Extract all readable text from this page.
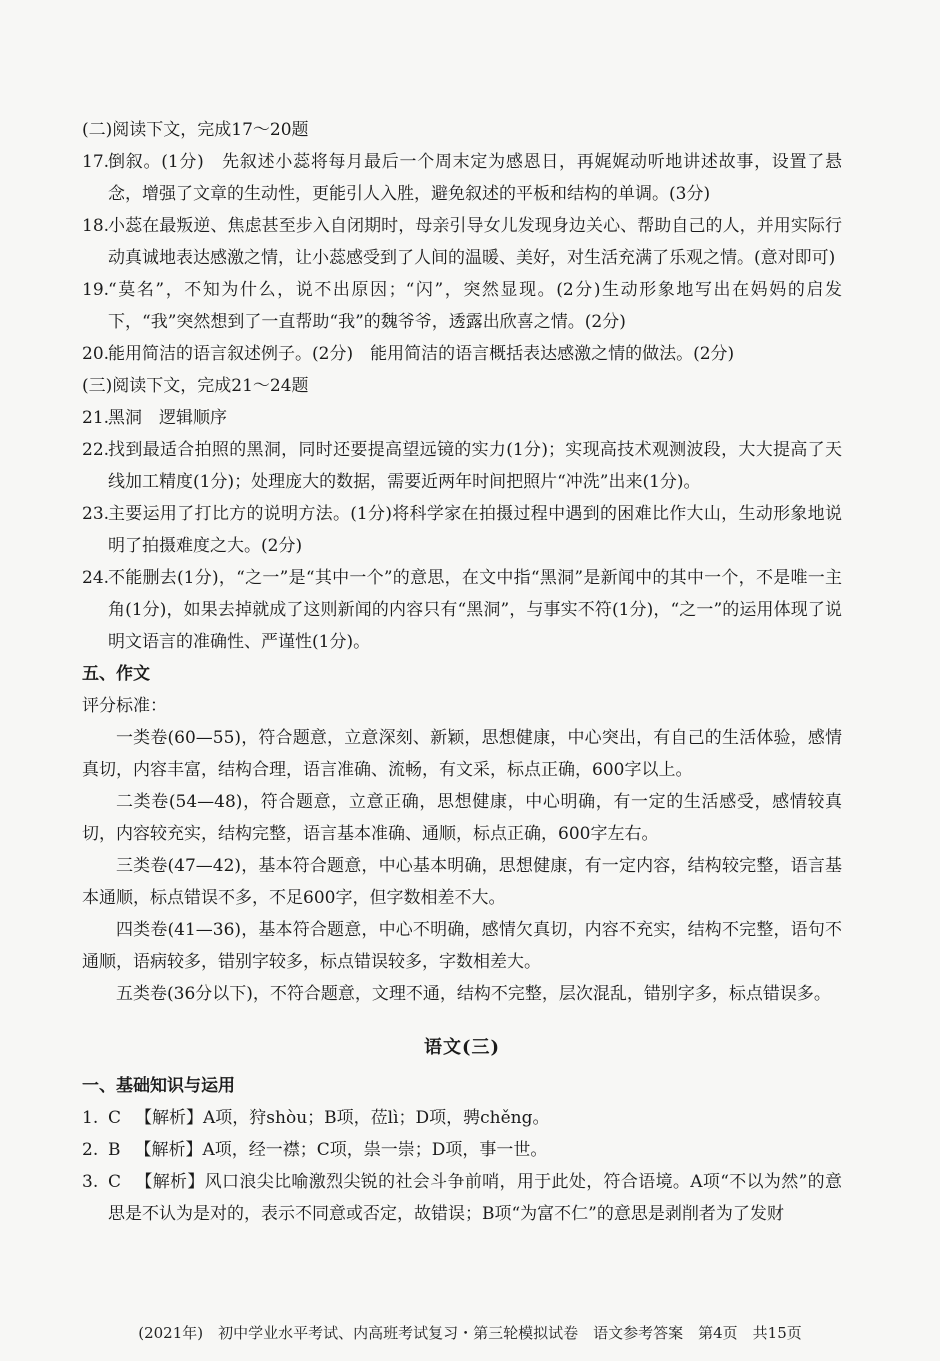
(二)阅读下文，完成17～20题
17.
倒叙。(1分)　先叙述小蕊将每月最后一个周末定为感恩日，再娓娓动听地讲述故事，设置了悬念，增强了文章的生动性，更能引人入胜，避免叙述的平板和结构的单调。(3分)
18.
小蕊在最叛逆、焦虑甚至步入自闭期时，母亲引导女儿发现身边关心、帮助自己的人，并用实际行动真诚地表达感激之情，让小蕊感受到了人间的温暖、美好，对生活充满了乐观之情。(意对即可)
19.
“莫名”，不知为什么，说不出原因；“闪”，突然显现。(2分)生动形象地写出在妈妈的启发下，“我”突然想到了一直帮助“我”的魏爷爷，透露出欣喜之情。(2分)
20.
能用简洁的语言叙述例子。(2分)　能用简洁的语言概括表达感激之情的做法。(2分)
(三)阅读下文，完成21～24题
21.
黑洞　逻辑顺序
22.
找到最适合拍照的黑洞，同时还要提高望远镜的实力(1分)；实现高技术观测波段，大大提高了天线加工精度(1分)；处理庞大的数据，需要近两年时间把照片“冲洗”出来(1分)。
23.
主要运用了打比方的说明方法。(1分)将科学家在拍摄过程中遇到的困难比作大山，生动形象地说明了拍摄难度之大。(2分)
24.
不能删去(1分)，“之一”是“其中一个”的意思，在文中指“黑洞”是新闻中的其中一个，不是唯一主角(1分)，如果去掉就成了这则新闻的内容只有“黑洞”，与事实不符(1分)，“之一”的运用体现了说明文语言的准确性、严谨性(1分)。
五、作文
评分标准：
一类卷(60—55)，符合题意，立意深刻、新颖，思想健康，中心突出，有自己的生活体验，感情真切，内容丰富，结构合理，语言准确、流畅，有文采，标点正确，600字以上。
二类卷(54—48)，符合题意，立意正确，思想健康，中心明确，有一定的生活感受，感情较真切，内容较充实，结构完整，语言基本准确、通顺，标点正确，600字左右。
三类卷(47—42)，基本符合题意，中心基本明确，思想健康，有一定内容，结构较完整，语言基本通顺，标点错误不多，不足600字，但字数相差不大。
四类卷(41—36)，基本符合题意，中心不明确，感情欠真切，内容不充实，结构不完整，语句不通顺，语病较多，错别字较多，标点错误较多，字数相差大。
五类卷(36分以下)，不符合题意，文理不通，结构不完整，层次混乱，错别字多，标点错误多。
语文(三)
一、基础知识与运用
1. C 【解析】A项，狩shòu；B项，莅lì；D项，骋chěng。
2. B 【解析】A项，经一襟；C项，祟一崇；D项，事一世。
3. C 【解析】风口浪尖比喻激烈尖锐的社会斗争前哨，用于此处，符合语境。A项“不以为然”的意思是不认为是对的，表示不同意或否定，故错误；B项“为富不仁”的意思是剥削者为了发财
(2021年)　初中学业水平考试、内高班考试复习・第三轮模拟试卷　语文参考答案　第4页　共15页
